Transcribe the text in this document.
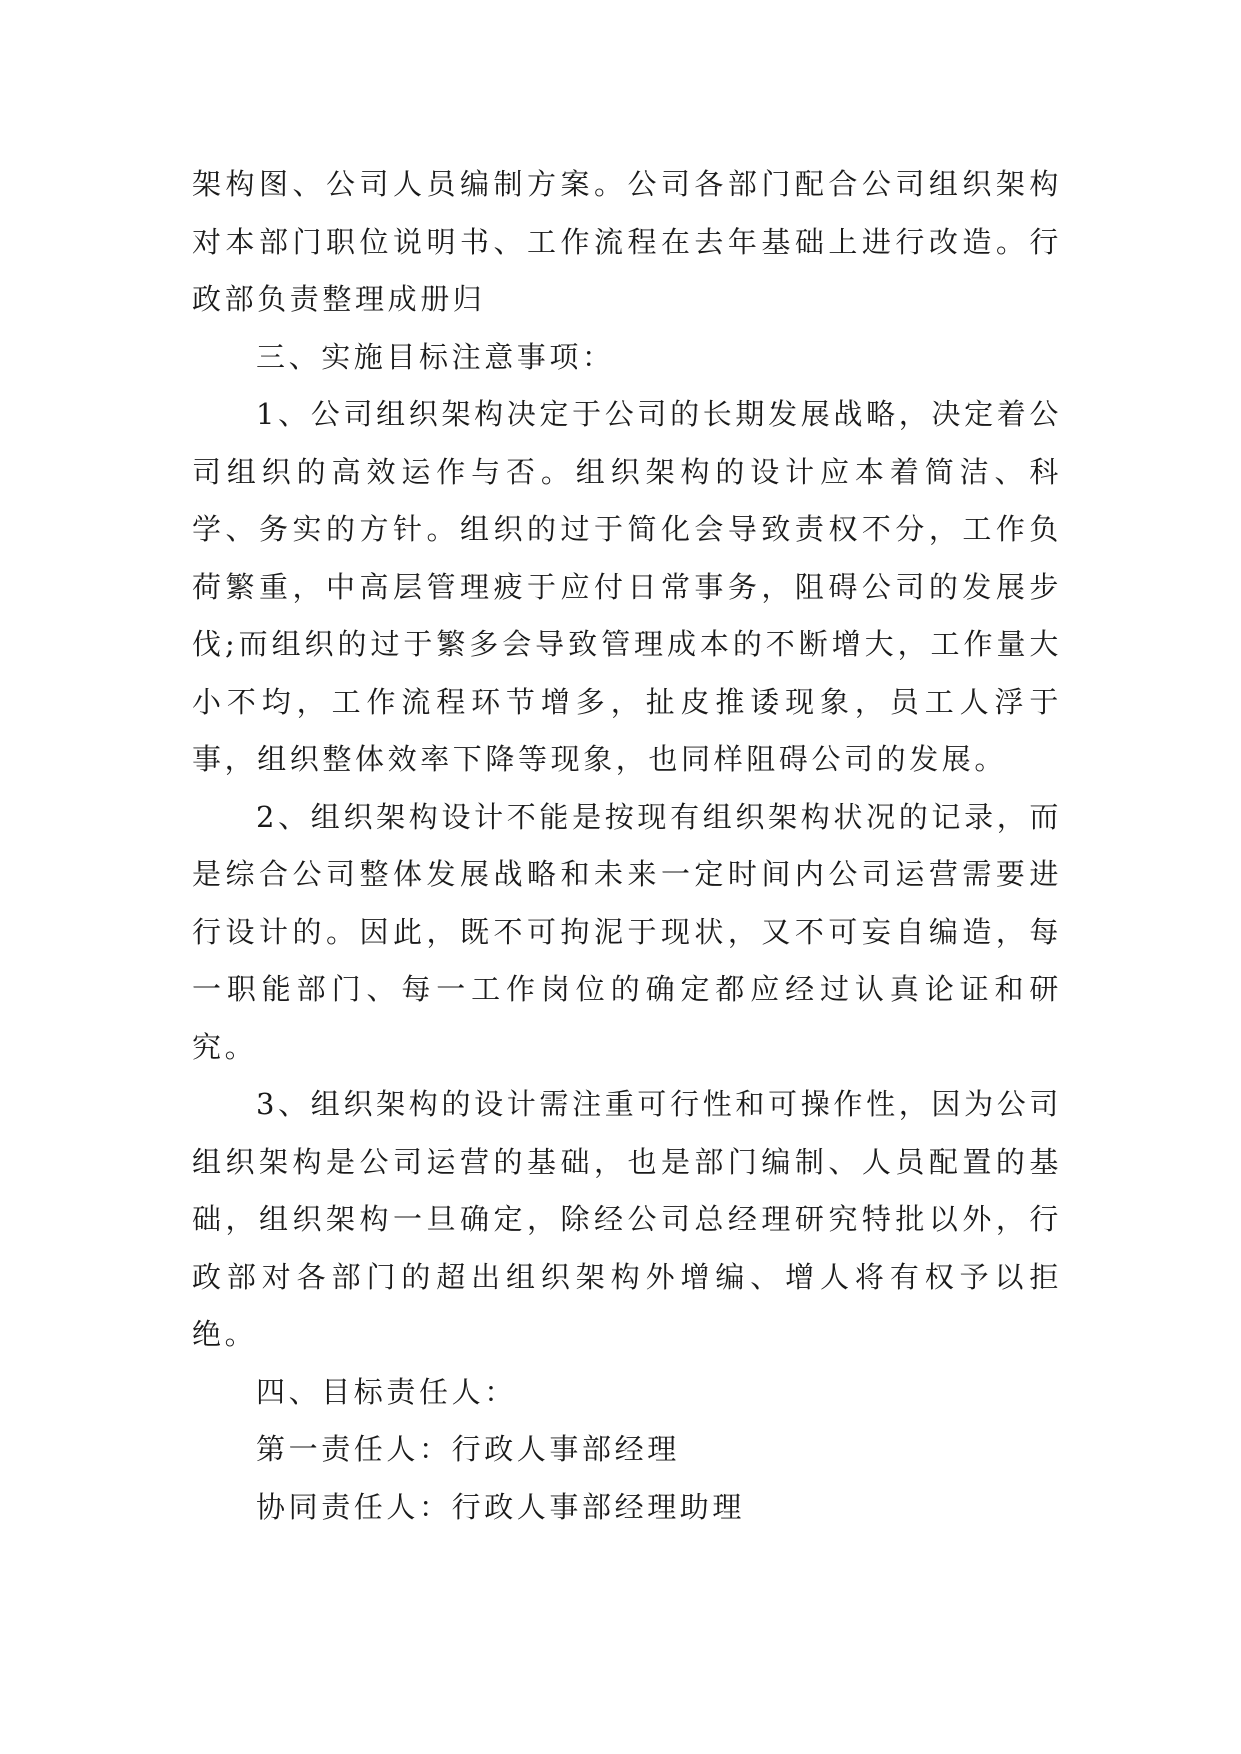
架构图、公司人员编制方案。公司各部门配合公司组织架构对本部门职位说明书、工作流程在去年基础上进行改造。行政部负责整理成册归

三、实施目标注意事项：

1、公司组织架构决定于公司的长期发展战略，决定着公司组织的高效运作与否。组织架构的设计应本着简洁、科学、务实的方针。组织的过于简化会导致责权不分，工作负荷繁重，中高层管理疲于应付日常事务，阻碍公司的发展步伐;而组织的过于繁多会导致管理成本的不断增大，工作量大小不均，工作流程环节增多，扯皮推诿现象，员工人浮于事，组织整体效率下降等现象，也同样阻碍公司的发展。

2、组织架构设计不能是按现有组织架构状况的记录，而是综合公司整体发展战略和未来一定时间内公司运营需要进行设计的。因此，既不可拘泥于现状，又不可妄自编造，每一职能部门、每一工作岗位的确定都应经过认真论证和研究。

3、组织架构的设计需注重可行性和可操作性，因为公司组织架构是公司运营的基础，也是部门编制、人员配置的基础，组织架构一旦确定，除经公司总经理研究特批以外，行政部对各部门的超出组织架构外增编、增人将有权予以拒绝。

四、目标责任人：

第一责任人：行政人事部经理

协同责任人：行政人事部经理助理
